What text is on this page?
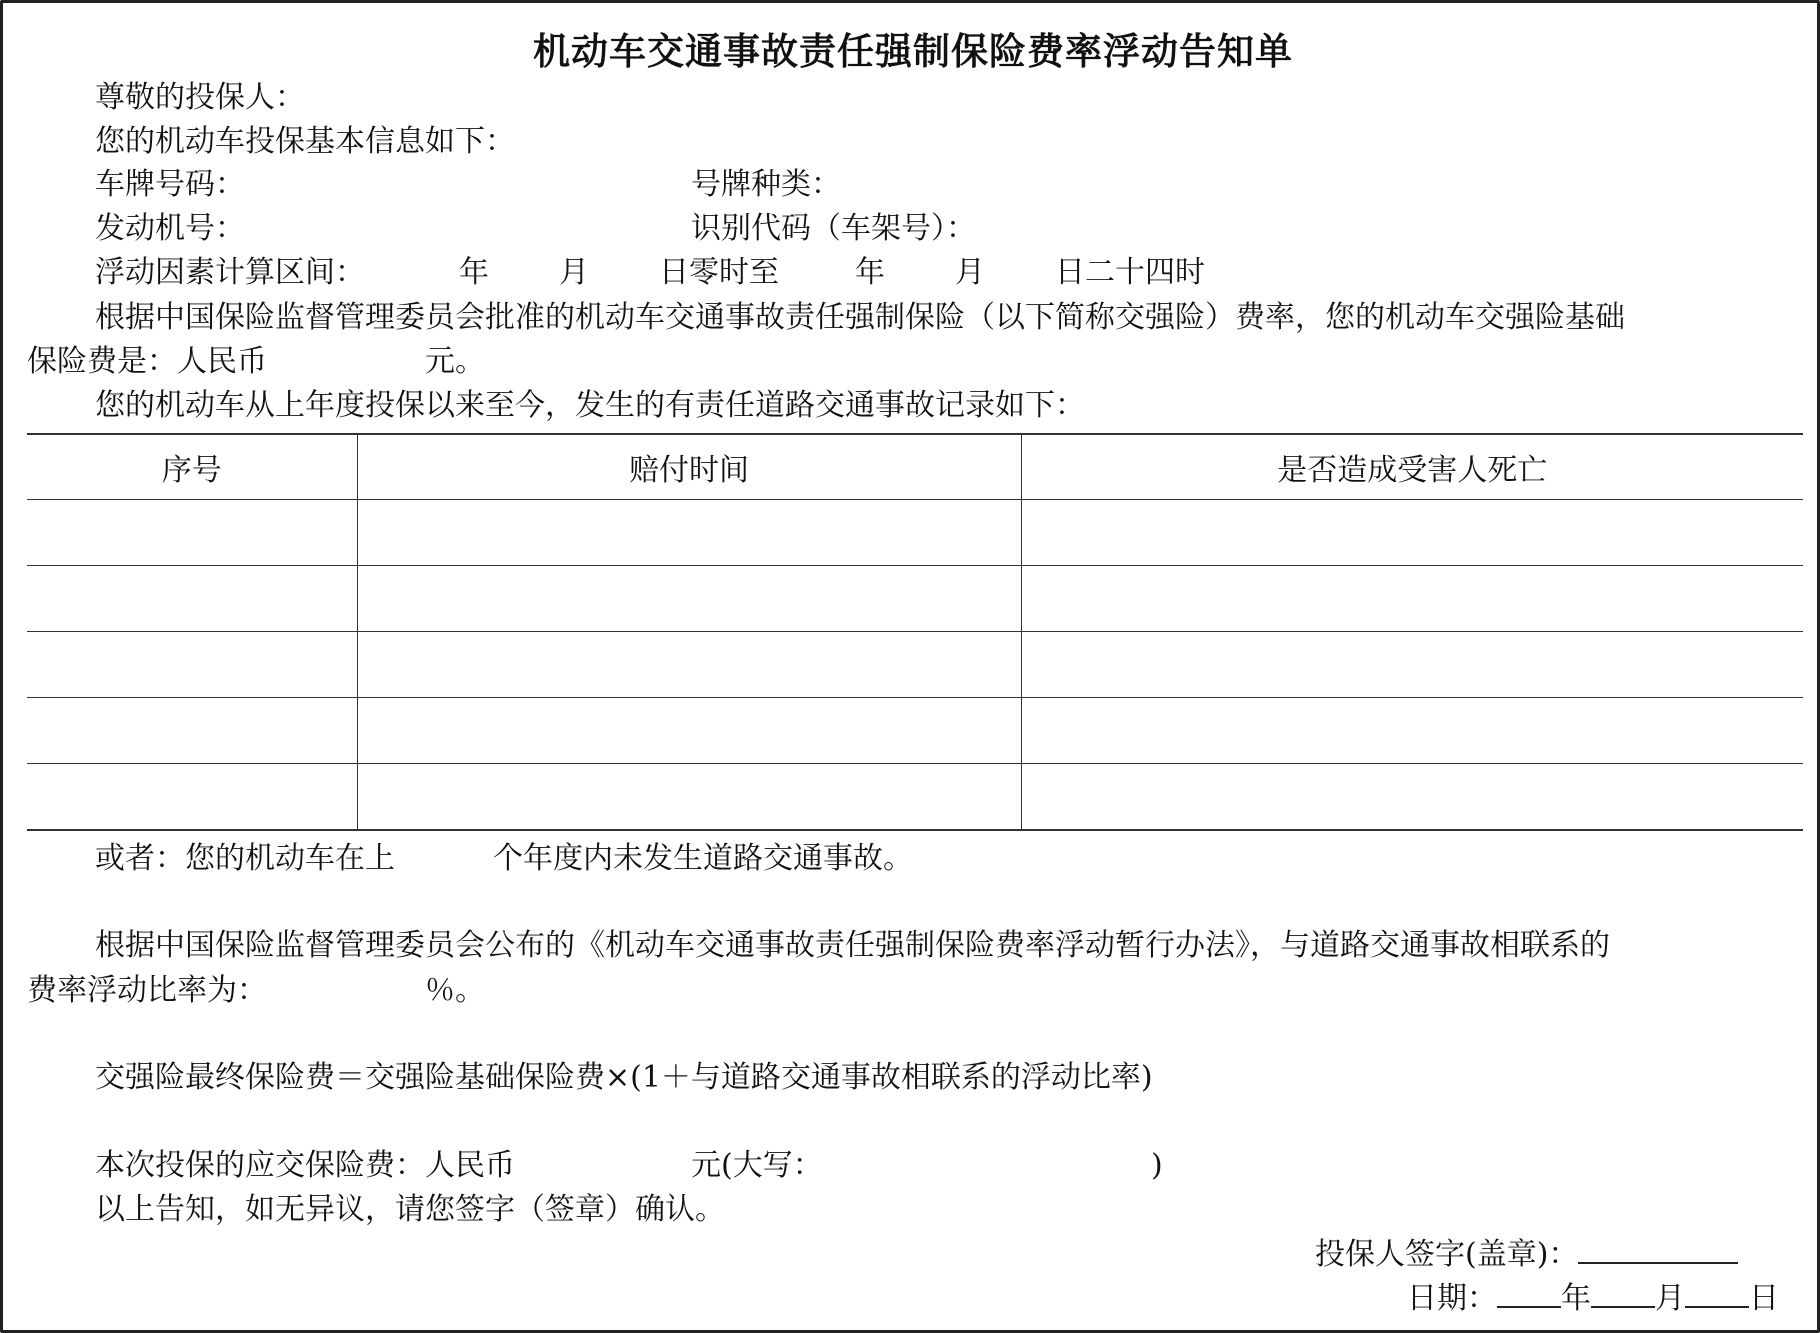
机动车交通事故责任强制保险费率浮动告知单
尊敬的投保人：
您的机动车投保基本信息如下：
车牌号码：	号牌种类：
发动机号：	识别代码（车架号）：
浮动因素计算区间：	年 月 日零时至	年 月 日二十四时
根据中国保险监督管理委员会批准的机动车交通事故责任强制保险（以下简称交强险）费率，您的机动车交强险基础
保险费是：人民币	元。
您的机动车从上年度投保以来至今，发生的有责任道路交通事故记录如下：
序号	赔付时间	是否造成受害人死亡

或者：您的机动车在上	个年度内未发生道路交通事故。
根据中国保险监督管理委员会公布的《机动车交通事故责任强制保险费率浮动暂行办法》，与道路交通事故相联系的
费率浮动比率为：	％。
交强险最终保险费＝交强险基础保险费×(1＋与道路交通事故相联系的浮动比率)
本次投保的应交保险费：人民币	元(大写：	)
以上告知，如无异议，请您签字（签章）确认。
投保人签字(盖章)：
日期： 年 月 日
